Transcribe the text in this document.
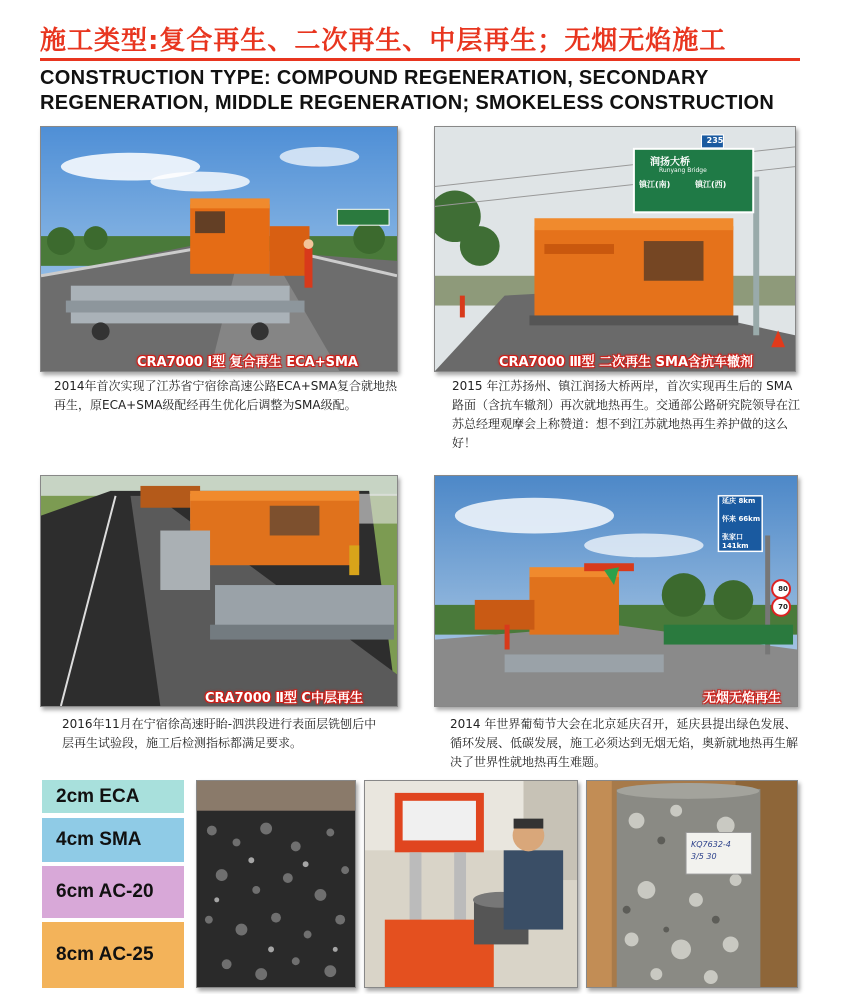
施工类型:复合再生、二次再生、中层再生；无烟无焰施工
CONSTRUCTION TYPE: COMPOUND REGENERATION, SECONDARY REGENERATION, MIDDLE REGENERATION; SMOKELESS CONSTRUCTION
CRA7000 Ⅰ型 复合再生 ECA+SMA
2014年首次实现了江苏省宁宿徐高速公路ECA+SMA复合就地热再生，原ECA+SMA级配经再生优化后调整为SMA级配。
235
润扬大桥
Runyang Bridge
镇江(南)	镇江(西)
CRA7000 Ⅲ型 二次再生 SMA含抗车辙剂
2015 年江苏扬州、镇江润扬大桥两岸，首次实现再生后的 SMA 路面（含抗车辙剂）再次就地热再生。交通部公路研究院领导在江苏总经理观摩会上称赞道：想不到江苏就地热再生养护做的这么好！
CRA7000 Ⅱ型 C中层再生
2016年11月在宁宿徐高速盱眙-泗洪段进行表面层铣刨后中层再生试验段，施工后检测指标都满足要求。
延庆 8km
怀来 66km
张家口 141km
80
70
无烟无焰再生
2014 年世界葡萄节大会在北京延庆召开，延庆县提出绿色发展、循环发展、低碳发展，施工必须达到无烟无焰，奥新就地热再生解决了世界性就地热再生难题。
2cm ECA
4cm SMA
6cm AC-20
8cm AC-25
KQ7632-4
3/5 30
